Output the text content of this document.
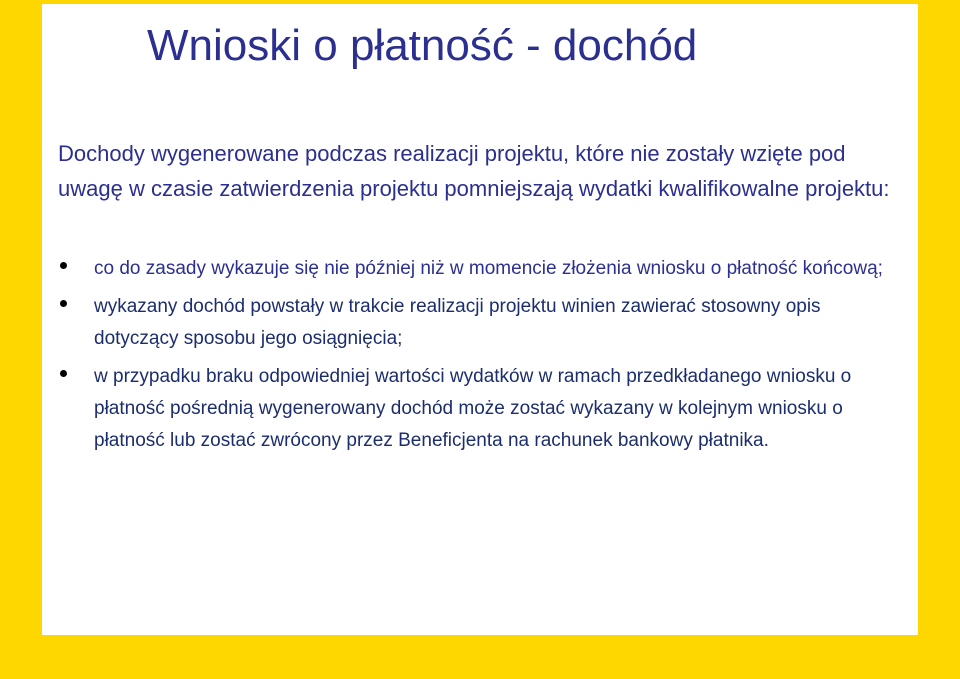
Wnioski o płatność - dochód

Dochody wygenerowane podczas realizacji projektu, które nie zostały wzięte pod uwagę w czasie zatwierdzenia projektu pomniejszają wydatki kwalifikowalne projektu:

co do zasady wykazuje się nie później niż w momencie złożenia wniosku o płatność końcową;
wykazany dochód powstały w trakcie realizacji projektu winien zawierać stosowny opis dotyczący sposobu jego osiągnięcia;
w przypadku braku odpowiedniej wartości wydatków w ramach przedkładanego wniosku o płatność pośrednią wygenerowany dochód może zostać wykazany w kolejnym wniosku o płatność lub zostać zwrócony przez Beneficjenta na rachunek bankowy płatnika.
